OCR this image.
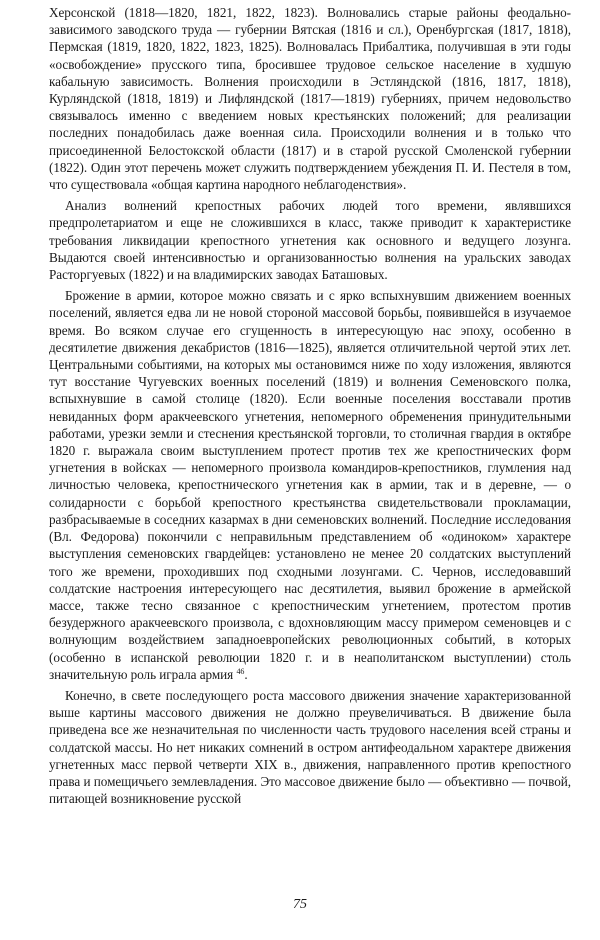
Херсонской (1818—1820, 1821, 1822, 1823). Волновались старые районы феодально-зависимого заводского труда — губернии Вятская (1816 и сл.), Оренбургская (1817, 1818), Пермская (1819, 1820, 1822, 1823, 1825). Волновалась Прибалтика, получившая в эти годы «освобождение» прусского типа, бросившее трудовое сельское население в худшую кабальную зависимость. Волнения происходили в Эстляндской (1816, 1817, 1818), Курляндской (1818, 1819) и Лифляндской (1817—1819) губерниях, причем недовольство связывалось именно с введением новых крестьянских положений; для реализации последних понадобилась даже военная сила. Происходили волнения и в только что присоединенной Белостокской области (1817) и в старой русской Смоленской губернии (1822). Один этот перечень может служить подтверждением убеждения П. И. Пестеля в том, что существовала «общая картина народного неблагоденствия».

Анализ волнений крепостных рабочих людей того времени, являвшихся предпролетариатом и еще не сложившихся в класс, также приводит к характеристике требования ликвидации крепостного угнетения как основного и ведущего лозунга. Выдаются своей интенсивностью и организованностью волнения на уральских заводах Расторгуевых (1822) и на владимирских заводах Баташовых.

Брожение в армии, которое можно связать и с ярко вспыхнувшим движением военных поселений, является едва ли не новой стороной массовой борьбы, появившейся в изучаемое время. Во всяком случае его сгущенность в интересующую нас эпоху, особенно в десятилетие движения декабристов (1816—1825), является отличительной чертой этих лет. Центральными событиями, на которых мы остановимся ниже по ходу изложения, являются тут восстание Чугуевских военных поселений (1819) и волнения Семеновского полка, вспыхнувшие в самой столице (1820). Если военные поселения восставали против невиданных форм аракчеевского угнетения, непомерного обременения принудительными работами, урезки земли и стеснения крестьянской торговли, то столичная гвардия в октябре 1820 г. выражала своим выступлением протест против тех же крепостнических форм угнетения в войсках — непомерного произвола командиров-крепостников, глумления над личностью человека, крепостнического угнетения как в армии, так и в деревне, — о солидарности с борьбой крепостного крестьянства свидетельствовали прокламации, разбрасываемые в соседних казармах в дни семеновских волнений. Последние исследования (Вл. Федорова) покончили с неправильным представлением об «одиноком» характере выступления семеновских гвардейцев: установлено не менее 20 солдатских выступлений того же времени, проходивших под сходными лозунгами. С. Чернов, исследовавший солдатские настроения интересующего нас десятилетия, выявил брожение в армейской массе, также тесно связанное с крепостническим угнетением, протестом против безудержного аракчеевского произвола, с вдохновляющим массу примером семеновцев и с волнующим воздействием западноевропейских революционных событий, в которых (особенно в испанской революции 1820 г. и в неаполитанском выступлении) столь значительную роль играла армия $^{46}$.

Конечно, в свете последующего роста массового движения значение характеризованной выше картины массового движения не должно преувеличиваться. В движение была приведена все же незначительная по численности часть трудового населения всей страны и солдатской массы. Но нет никаких сомнений в остром антифеодальном характере движения угнетенных масс первой четверти XIX в., движения, направленного против крепостного права и помещичьего землевладения. Это массовое движение было — объективно — почвой, питающей возникновение русской

75
